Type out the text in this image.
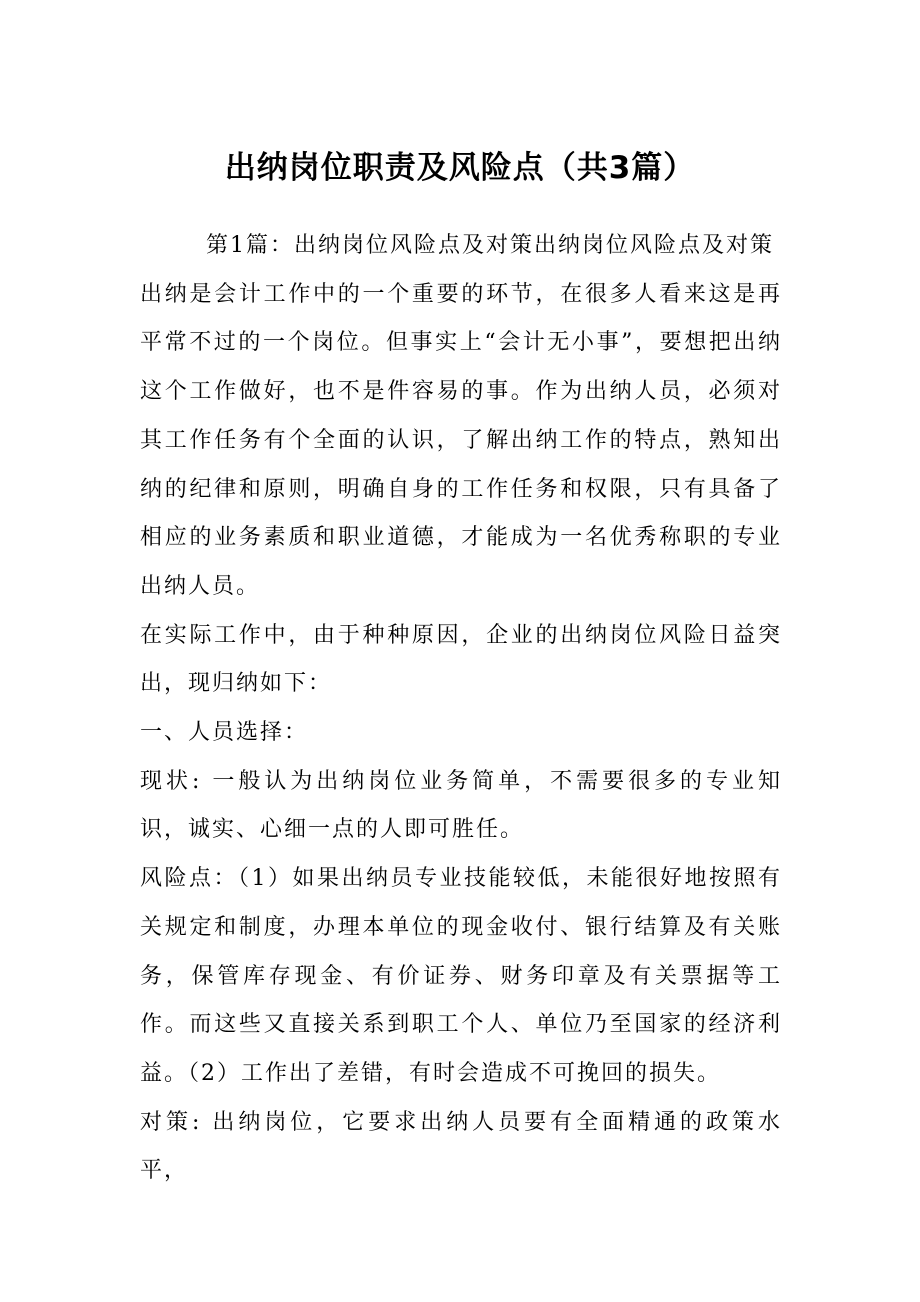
出纳岗位职责及风险点（共3篇）

第1篇：出纳岗位风险点及对策出纳岗位风险点及对策

出纳是会计工作中的一个重要的环节，在很多人看来这是再平常不过的一个岗位。但事实上“会计无小事”，要想把出纳这个工作做好，也不是件容易的事。作为出纳人员，必须对其工作任务有个全面的认识，了解出纳工作的特点，熟知出纳的纪律和原则，明确自身的工作任务和权限，只有具备了相应的业务素质和职业道德，才能成为一名优秀称职的专业出纳人员。

在实际工作中，由于种种原因，企业的出纳岗位风险日益突出，现归纳如下：

一、人员选择：

现状: 一般认为出纳岗位业务简单，不需要很多的专业知识，诚实、心细一点的人即可胜任。

风险点：（1）如果出纳员专业技能较低，未能很好地按照有关规定和制度，办理本单位的现金收付、银行结算及有关账务，保管库存现金、有价证券、财务印章及有关票据等工作。而这些又直接关系到职工个人、单位乃至国家的经济利益。（2）工作出了差错，有时会造成不可挽回的损失。

对策: 出纳岗位，它要求出纳人员要有全面精通的政策水平，
